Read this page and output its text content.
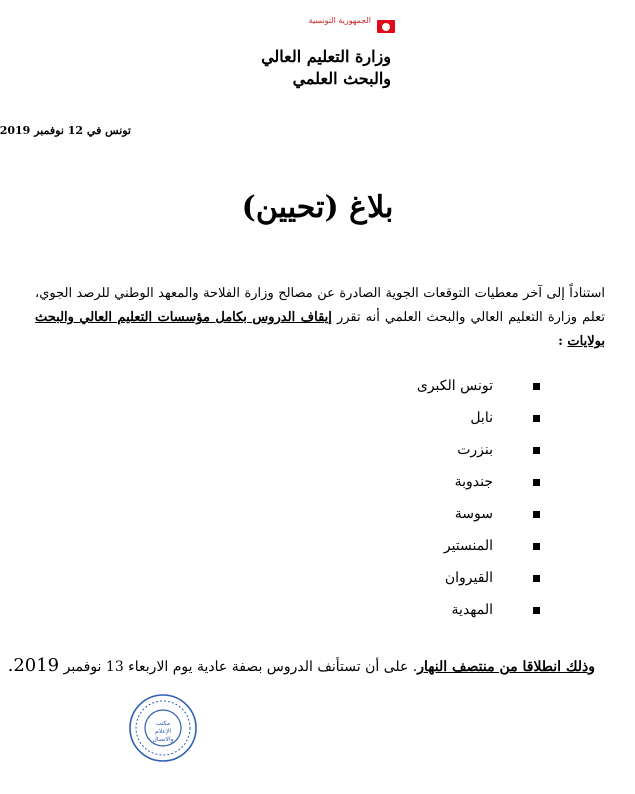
الجمهورية التونسية
وزارة التعليم العالي
والبحث العلمي
تونس في 12 نوفمبر 2019
بلاغ (تحيين)
استناداً إلى آخر معطيات التوقعات الجوية الصادرة عن مصالح وزارة الفلاحة والمعهد الوطني للرصد الجوي، تعلم وزارة التعليم العالي والبحث العلمي أنه تقرر إيقاف الدروس بكامل مؤسسات التعليم العالي والبحث بولايات :
تونس الكبرى
نابل
بنزرت
جندوبة
سوسة
المنستير
القيروان
المهدية
وذلك انطلاقا من منتصف النهار. على أن تستأنف الدروس بصفة عادية يوم الاربعاء 13 نوفمبر 2019.
مكتب
الإعلام
والاتصال
